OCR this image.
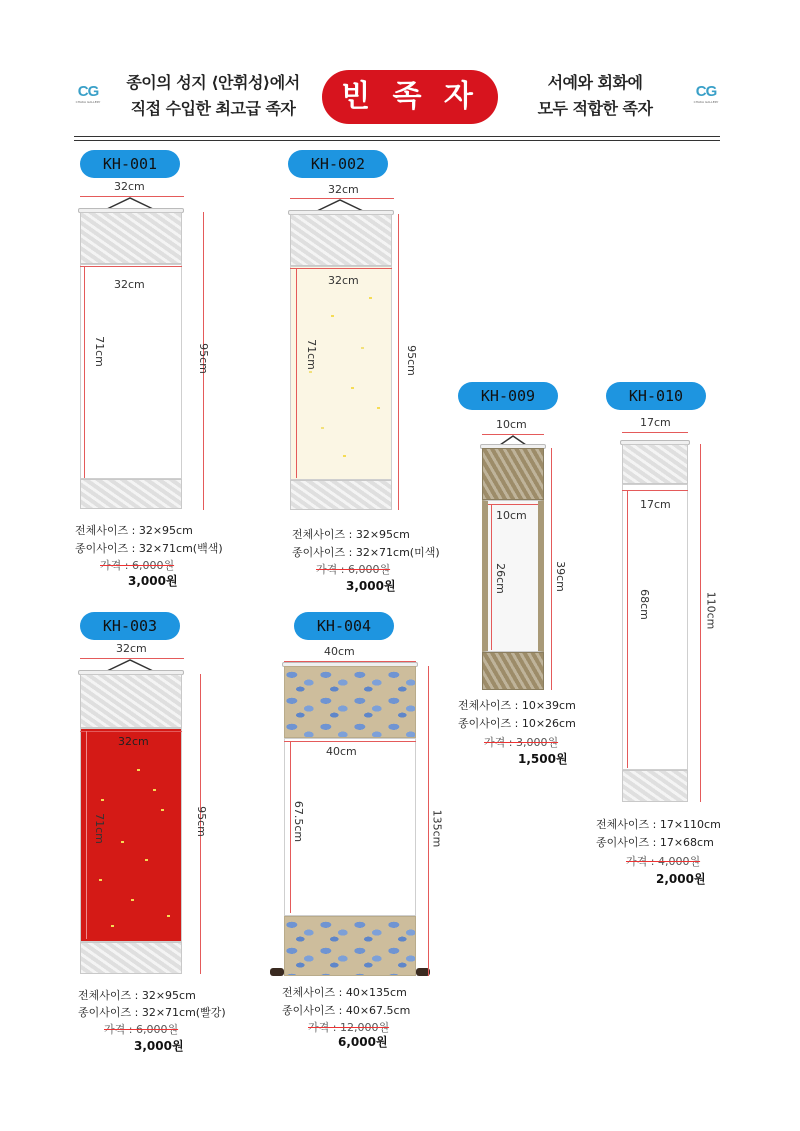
CG
CHAKA GALLERY
종이의 성지 ⟨안휘성⟩에서
직접 수입한 최고급 족자	빈 족 자	서예와 회화에
모두 적합한 족자
CG
CHAKA GALLERY
KH-001
32cm
32cm
71cm	95cm
전체사이즈 : 32×95cm
종이사이즈 : 32×71cm(백색)
가격 : 6,000원
3,000원
KH-002
32cm
32cm
71cm	95cm
전체사이즈 : 32×95cm
종이사이즈 : 32×71cm(미색)
가격 : 6,000원
3,000원
KH-003
32cm
32cm
71cm	95cm
전체사이즈 : 32×95cm
종이사이즈 : 32×71cm(빨강)
가격 : 6,000원
3,000원
KH-004
40cm
40cm
67.5cm	135cm
전체사이즈 : 40×135cm
종이사이즈 : 40×67.5cm
가격 : 12,000원
6,000원
KH-009
10cm
10cm
26cm	39cm
전체사이즈 : 10×39cm
종이사이즈 : 10×26cm
가격 : 3,000원
1,500원
KH-010
17cm
17cm
68cm	110cm
전체사이즈 : 17×110cm
종이사이즈 : 17×68cm
가격 : 4,000원
2,000원
